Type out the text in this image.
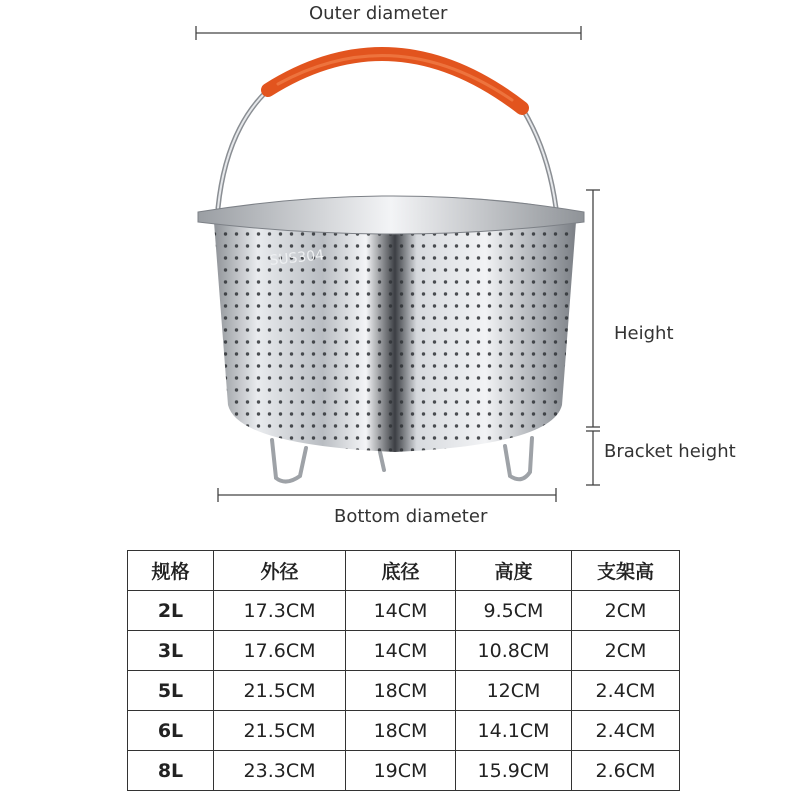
SUS304
Outer diameter
Height
Bracket height
Bottom diameter
规格	外径	底径	高度	支架高
2L	17.3CM	14CM	9.5CM	2CM
3L	17.6CM	14CM	10.8CM	2CM
5L	21.5CM	18CM	12CM	2.4CM
6L	21.5CM	18CM	14.1CM	2.4CM
8L	23.3CM	19CM	15.9CM	2.6CM
